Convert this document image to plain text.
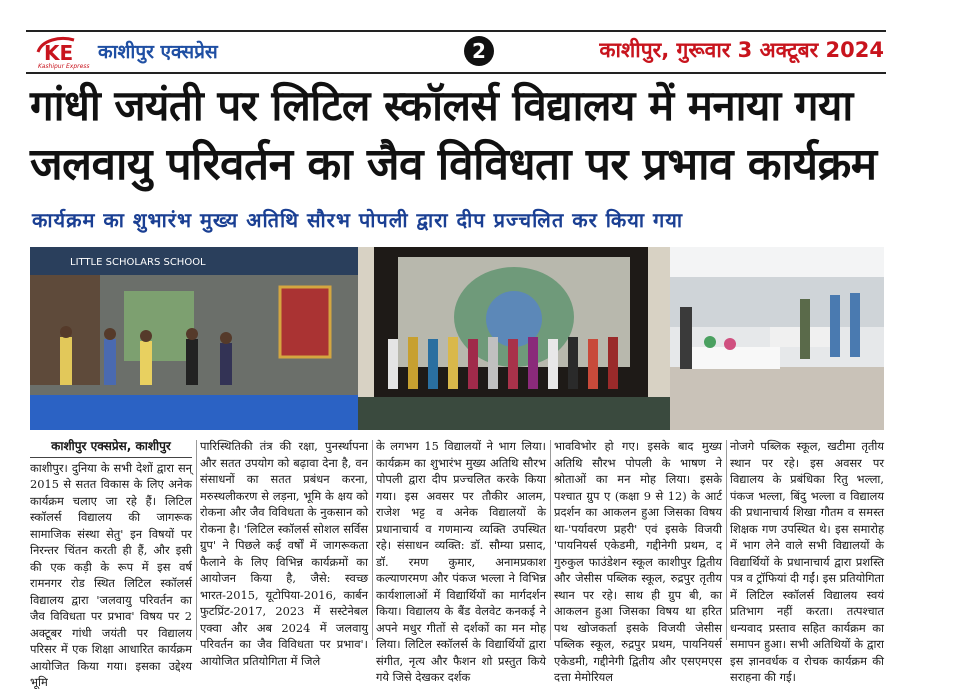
KE
Kashipur Express
काशीपुर एक्सप्रेस	2	काशीपुर, गुरूवार 3 अक्टूबर 2024
गांधी जयंती पर लिटिल स्कॉलर्स विद्यालय में मनाया गया
जलवायु परिवर्तन का जैव विविधता पर प्रभाव कार्यक्रम
कार्यक्रम का शुभारंभ मुख्य अतिथि सौरभ पोपली द्वारा दीप प्रज्चलित कर किया गया
LITTLE SCHOLARS SCHOOL
काशीपुर एक्सप्रेस, काशीपुर
काशीपुर। दुनिया के सभी देशों द्वारा सन् 2015 से सतत विकास के लिए अनेक कार्यक्रम चलाए जा रहे हैं। लिटिल स्कॉलर्स विद्यालय की जागरूक सामाजिक संस्था सेतु' इन विषयों पर निरन्तर चिंतन करती ही हैं, और इसी की एक कड़ी के रूप में इस वर्ष रामनगर रोड स्थित लिटिल स्कॉलर्स विद्यालय द्वारा 'जलवायु परिवर्तन का जैव विविधता पर प्रभाव' विषय पर 2 अक्टूबर गांधी जयंती पर विद्यालय परिसर में एक शिक्षा आधारित कार्यक्रम आयोजित किया गया। इसका उद्देश्य भूमि
पारिस्थितिकी तंत्र की रक्षा, पुनर्स्थापना और सतत उपयोग को बढ़ावा देना है, वन संसाधनों का सतत प्रबंधन करना, मरुस्थलीकरण से लड़ना, भूमि के क्षय को रोकना और जैव विविधता के नुकसान को रोकना है। 'लिटिल स्कॉलर्स सोशल सर्विस ग्रुप' ने पिछले कई वर्षों में जागरूकता फैलाने के लिए विभिन्न कार्यक्रमों का आयोजन किया है, जैसे: स्वच्छ भारत-2015, यूटोपिया-2016, कार्बन फुटप्रिंट-2017, 2023 में सस्टेनेबल एक्वा और अब 2024 में जलवायु परिवर्तन का जैव विविधता पर प्रभाव'। आयोजित प्रतियोगिता में जिले
के लगभग 15 विद्यालयों ने भाग लिया। कार्यक्रम का शुभारंभ मुख्य अतिथि सौरभ पोपली द्वारा दीप प्रज्चलित करके किया गया। इस अवसर पर तौकीर आलम, राजेश भट्ट व अनेक विद्यालयों के प्रधानाचार्य व गणमान्य व्यक्ति उपस्थित रहे। संसाधन व्यक्ति: डॉ. सौम्या प्रसाद, डॉ. रमण कुमार, अनामप्रकाश कल्याणरमण और पंकज भल्ला ने विभिन्न कार्यशालाओं में विद्यार्थियों का मार्गदर्शन किया। विद्यालय के बैंड वेलवेट कनकई ने अपने मधुर गीतों से दर्शकों का मन मोह लिया। लिटिल स्कॉलर्स के विद्यार्थियों द्वारा संगीत, नृत्य और फैशन शो प्रस्तुत किये गये जिसे देखकर दर्शक
भावविभोर हो गए। इसके बाद मुख्य अतिथि सौरभ पोपली के भाषण ने श्रोताओं का मन मोह लिया। इसके पश्चात ग्रुप ए (कक्षा 9 से 12) के आर्ट प्रदर्शन का आकलन हुआ जिसका विषय था-'पर्यावरण प्रहरी' एवं इसके विजयी 'पायनियर्स एकेडमी, गद्दीनेगी प्रथम, द गुरुकुल फाउंडेशन स्कूल काशीपुर द्वितीय और जेसीस पब्लिक स्कूल, रुद्रपुर तृतीय स्थान पर रहे। साथ ही ग्रुप बी, का आकलन हुआ जिसका विषय था हरित पथ खोजकर्ता इसके विजयी जेसीस पब्लिक स्कूल, रुद्रपुर प्रथम, पायनियर्स एकेडमी, गद्दीनेगी द्वितीय और एसएमएस दत्ता मेमोरियल
नोजगे पब्लिक स्कूल, खटीमा तृतीय स्थान पर रहे। इस अवसर पर विद्यालय के प्रबंधिका रितु भल्ला, पंकज भल्ला, बिंदु भल्ला व विद्यालय की प्रधानाचार्य शिखा गौतम व समस्त शिक्षक गण उपस्थित थे। इस समारोह में भाग लेने वाले सभी विद्यालयों के विद्यार्थियों के प्रधानाचार्य द्वारा प्रशस्ति पत्र व ट्रॉफियां दी गईं। इस प्रतियोगिता में लिटिल स्कॉलर्स विद्यालय स्वयं प्रतिभाग नहीं करता। तत्पश्चात धन्यवाद प्रस्ताव सहित कार्यक्रम का समापन हुआ। सभी अतिथियों के द्वारा इस ज्ञानवर्धक व रोचक कार्यक्रम की सराहना की गई।
